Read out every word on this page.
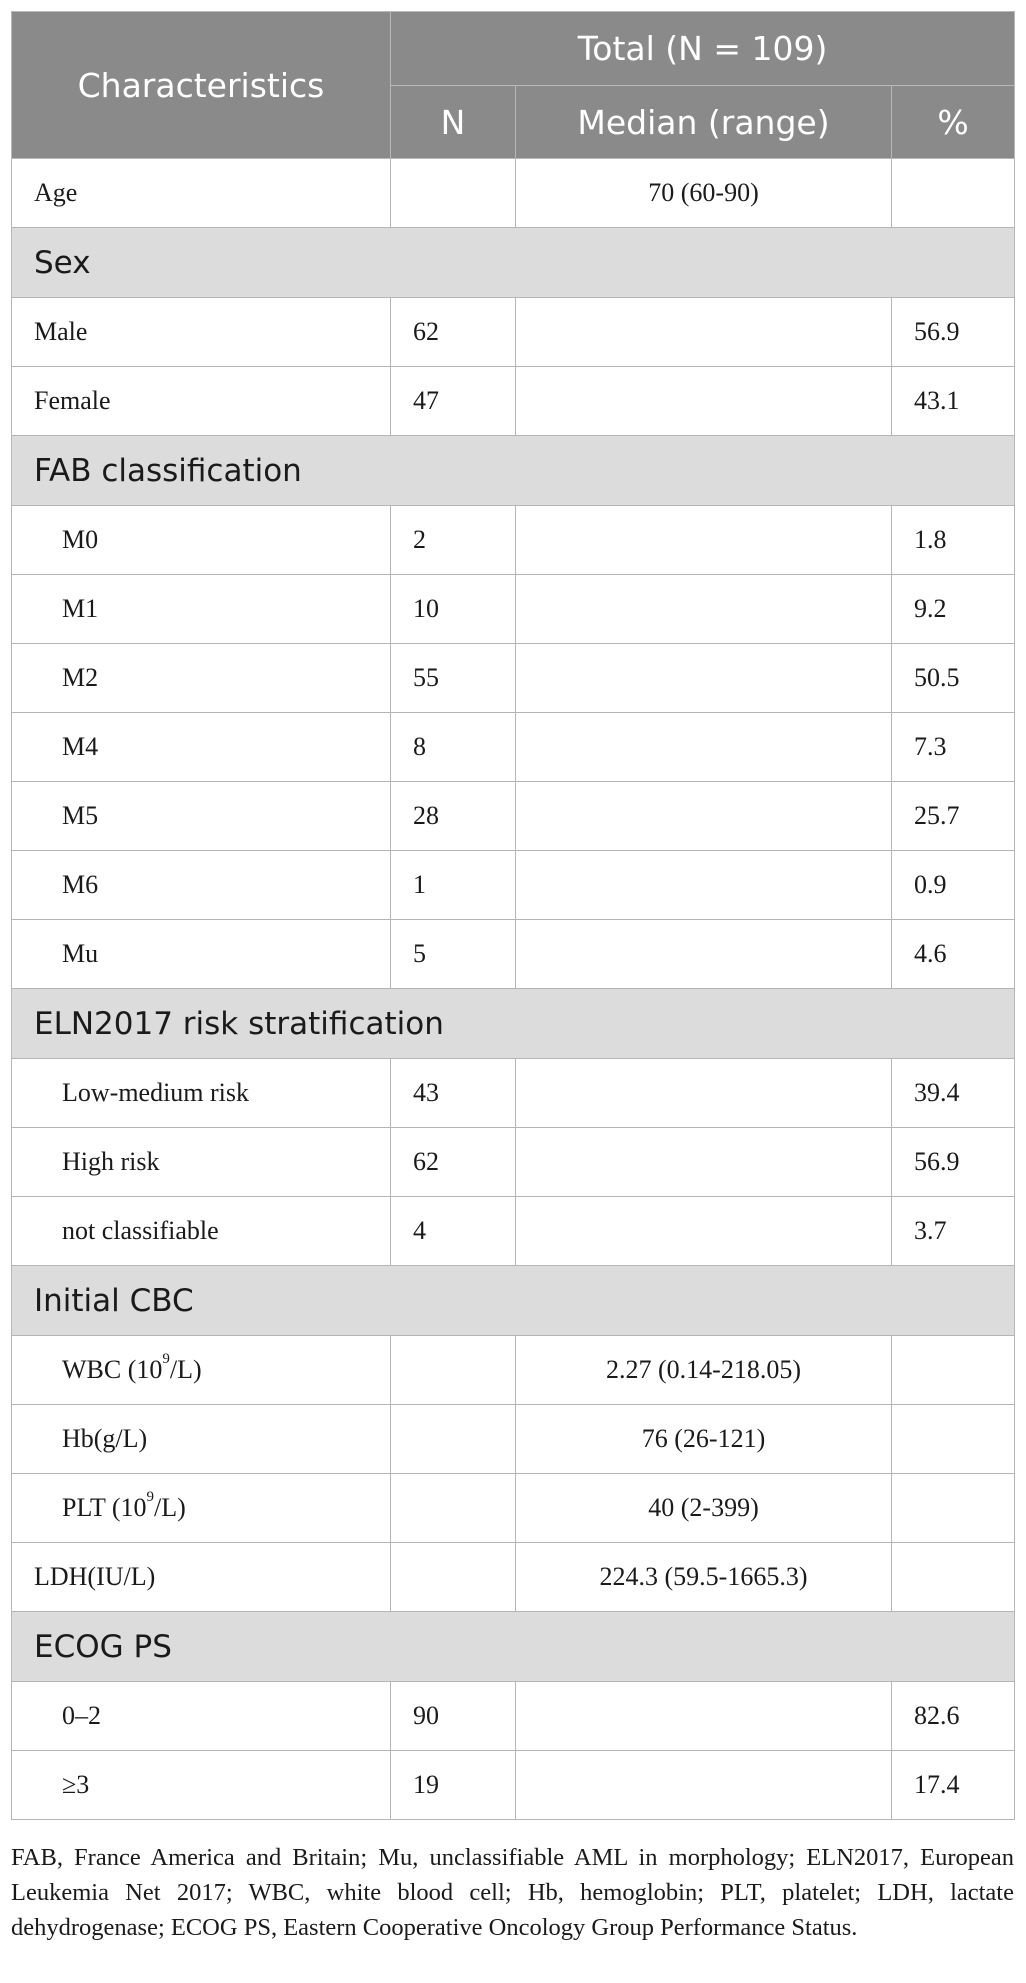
Characteristics	Total (N = 109)		
	N	Median (range)	%
Age		70 (60-90)	
Sex			
Male	62		56.9
Female	47		43.1
FAB classification			
M0	2		1.8
M1	10		9.2
M2	55		50.5
M4	8		7.3
M5	28		25.7
M6	1		0.9
Mu	5		4.6
ELN2017 risk stratification			
Low-medium risk	43		39.4
High risk	62		56.9
not classifiable	4		3.7
Initial CBC			
WBC $(10^9/L)$		2.27 (0.14-218.05)	
Hb(g/L)		76 (26-121)	
PLT $(10^9/L)$		40 (2-399)	
LDH(IU/L)		224.3 (59.5-1665.3)	
ECOG PS			
0–2	90		82.6
≥3	19		17.4
FAB, France America and Britain; Mu, unclassifiable AML in morphology; ELN2017, European Leukemia Net 2017; WBC, white blood cell; Hb, hemoglobin; PLT, platelet; LDH, lactate dehydrogenase; ECOG PS, Eastern Cooperative Oncology Group Performance Status.
